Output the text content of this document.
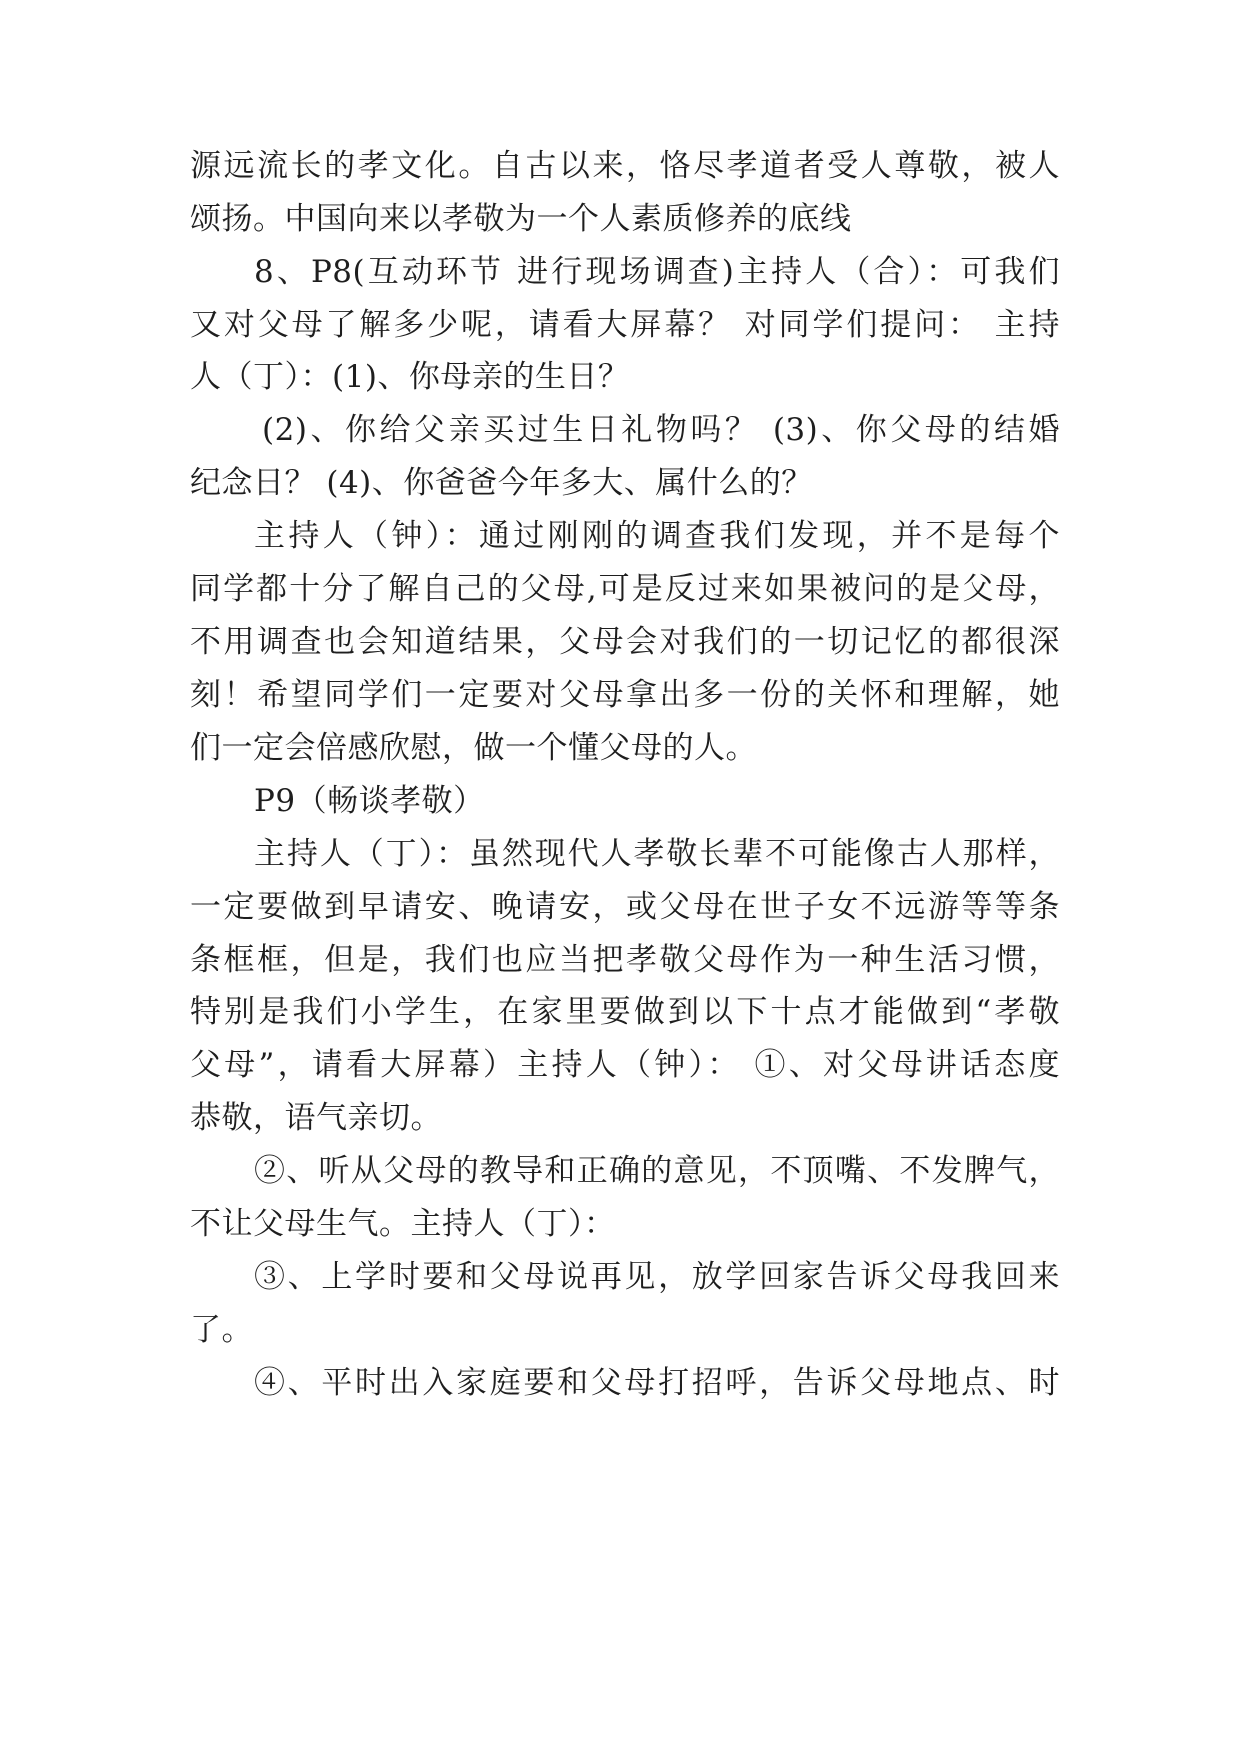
源远流长的孝文化。自古以来，恪尽孝道者受人尊敬，被人
颂扬。中国向来以孝敬为一个人素质修养的底线
8、P8(互动环节 进行现场调查)主持人（合）：可我们
又对父母了解多少呢，请看大屏幕？ 对同学们提问： 主持
人（丁）：(1)、你母亲的生日？
(2)、你给父亲买过生日礼物吗？ (3)、你父母的结婚
纪念日？ (4)、你爸爸今年多大、属什么的？
主持人（钟）：通过刚刚的调查我们发现，并不是每个
同学都十分了解自己的父母,可是反过来如果被问的是父母，
不用调查也会知道结果，父母会对我们的一切记忆的都很深
刻！希望同学们一定要对父母拿出多一份的关怀和理解，她
们一定会倍感欣慰，做一个懂父母的人。
P9（畅谈孝敬）
主持人（丁）：虽然现代人孝敬长辈不可能像古人那样，
一定要做到早请安、晚请安，或父母在世子女不远游等等条
条框框，但是，我们也应当把孝敬父母作为一种生活习惯，
特别是我们小学生，在家里要做到以下十点才能做到“孝敬
父母”，请看大屏幕）主持人（钟）： ①、对父母讲话态度
恭敬，语气亲切。
②、听从父母的教导和正确的意见，不顶嘴、不发脾气，
不让父母生气。主持人（丁）：
③、上学时要和父母说再见，放学回家告诉父母我回来
了。
④、平时出入家庭要和父母打招呼，告诉父母地点、时
